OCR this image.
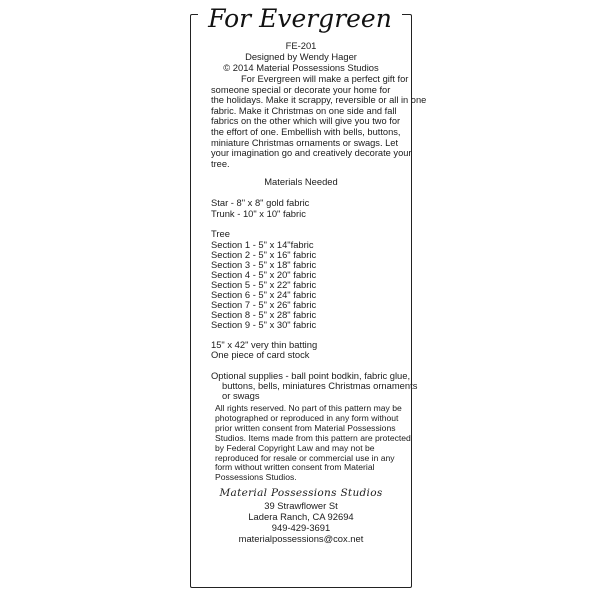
For Evergreen
FE-201
Designed by Wendy Hager
© 2014 Material Possessions Studios

For Evergreen will make a perfect gift for

someone special or decorate your home for

the holidays. Make it scrappy, reversible or all in one

fabric. Make it Christmas on one side and fall

fabrics on the other which will give you two for

the effort of one. Embellish with bells, buttons,

miniature Christmas ornaments or swags. Let

your imagination go and creatively decorate your

tree.

Materials Needed
Star - 8" x 8" gold fabric
Trunk - 10" x 10" fabric
Tree
Section 1 - 5" x 14"fabric
Section 2 - 5" x 16" fabric
Section 3 - 5" x 18" fabric
Section 4 - 5" x 20" fabric
Section 5 - 5" x 22" fabric
Section 6 - 5" x 24" fabric
Section 7 - 5" x 26" fabric
Section 8 - 5" x 28" fabric
Section 9 - 5" x 30" fabric
15" x 42" very thin batting
One piece of card stock
Optional supplies - ball point bodkin, fabric glue,
buttons, bells, miniatures Christmas ornaments
or swags

All rights reserved. No part of this pattern may be

photographed or reproduced in any form without

prior written consent from Material Possessions

Studios. Items made from this pattern are protected

by Federal Copyright Law and may not be

reproduced for resale or commercial use in any

form without written consent from Material

Possessions Studios.

Material Possessions Studios
39 Strawflower St
Ladera Ranch, CA 92694
949-429-3691
materialpossessions@cox.net
